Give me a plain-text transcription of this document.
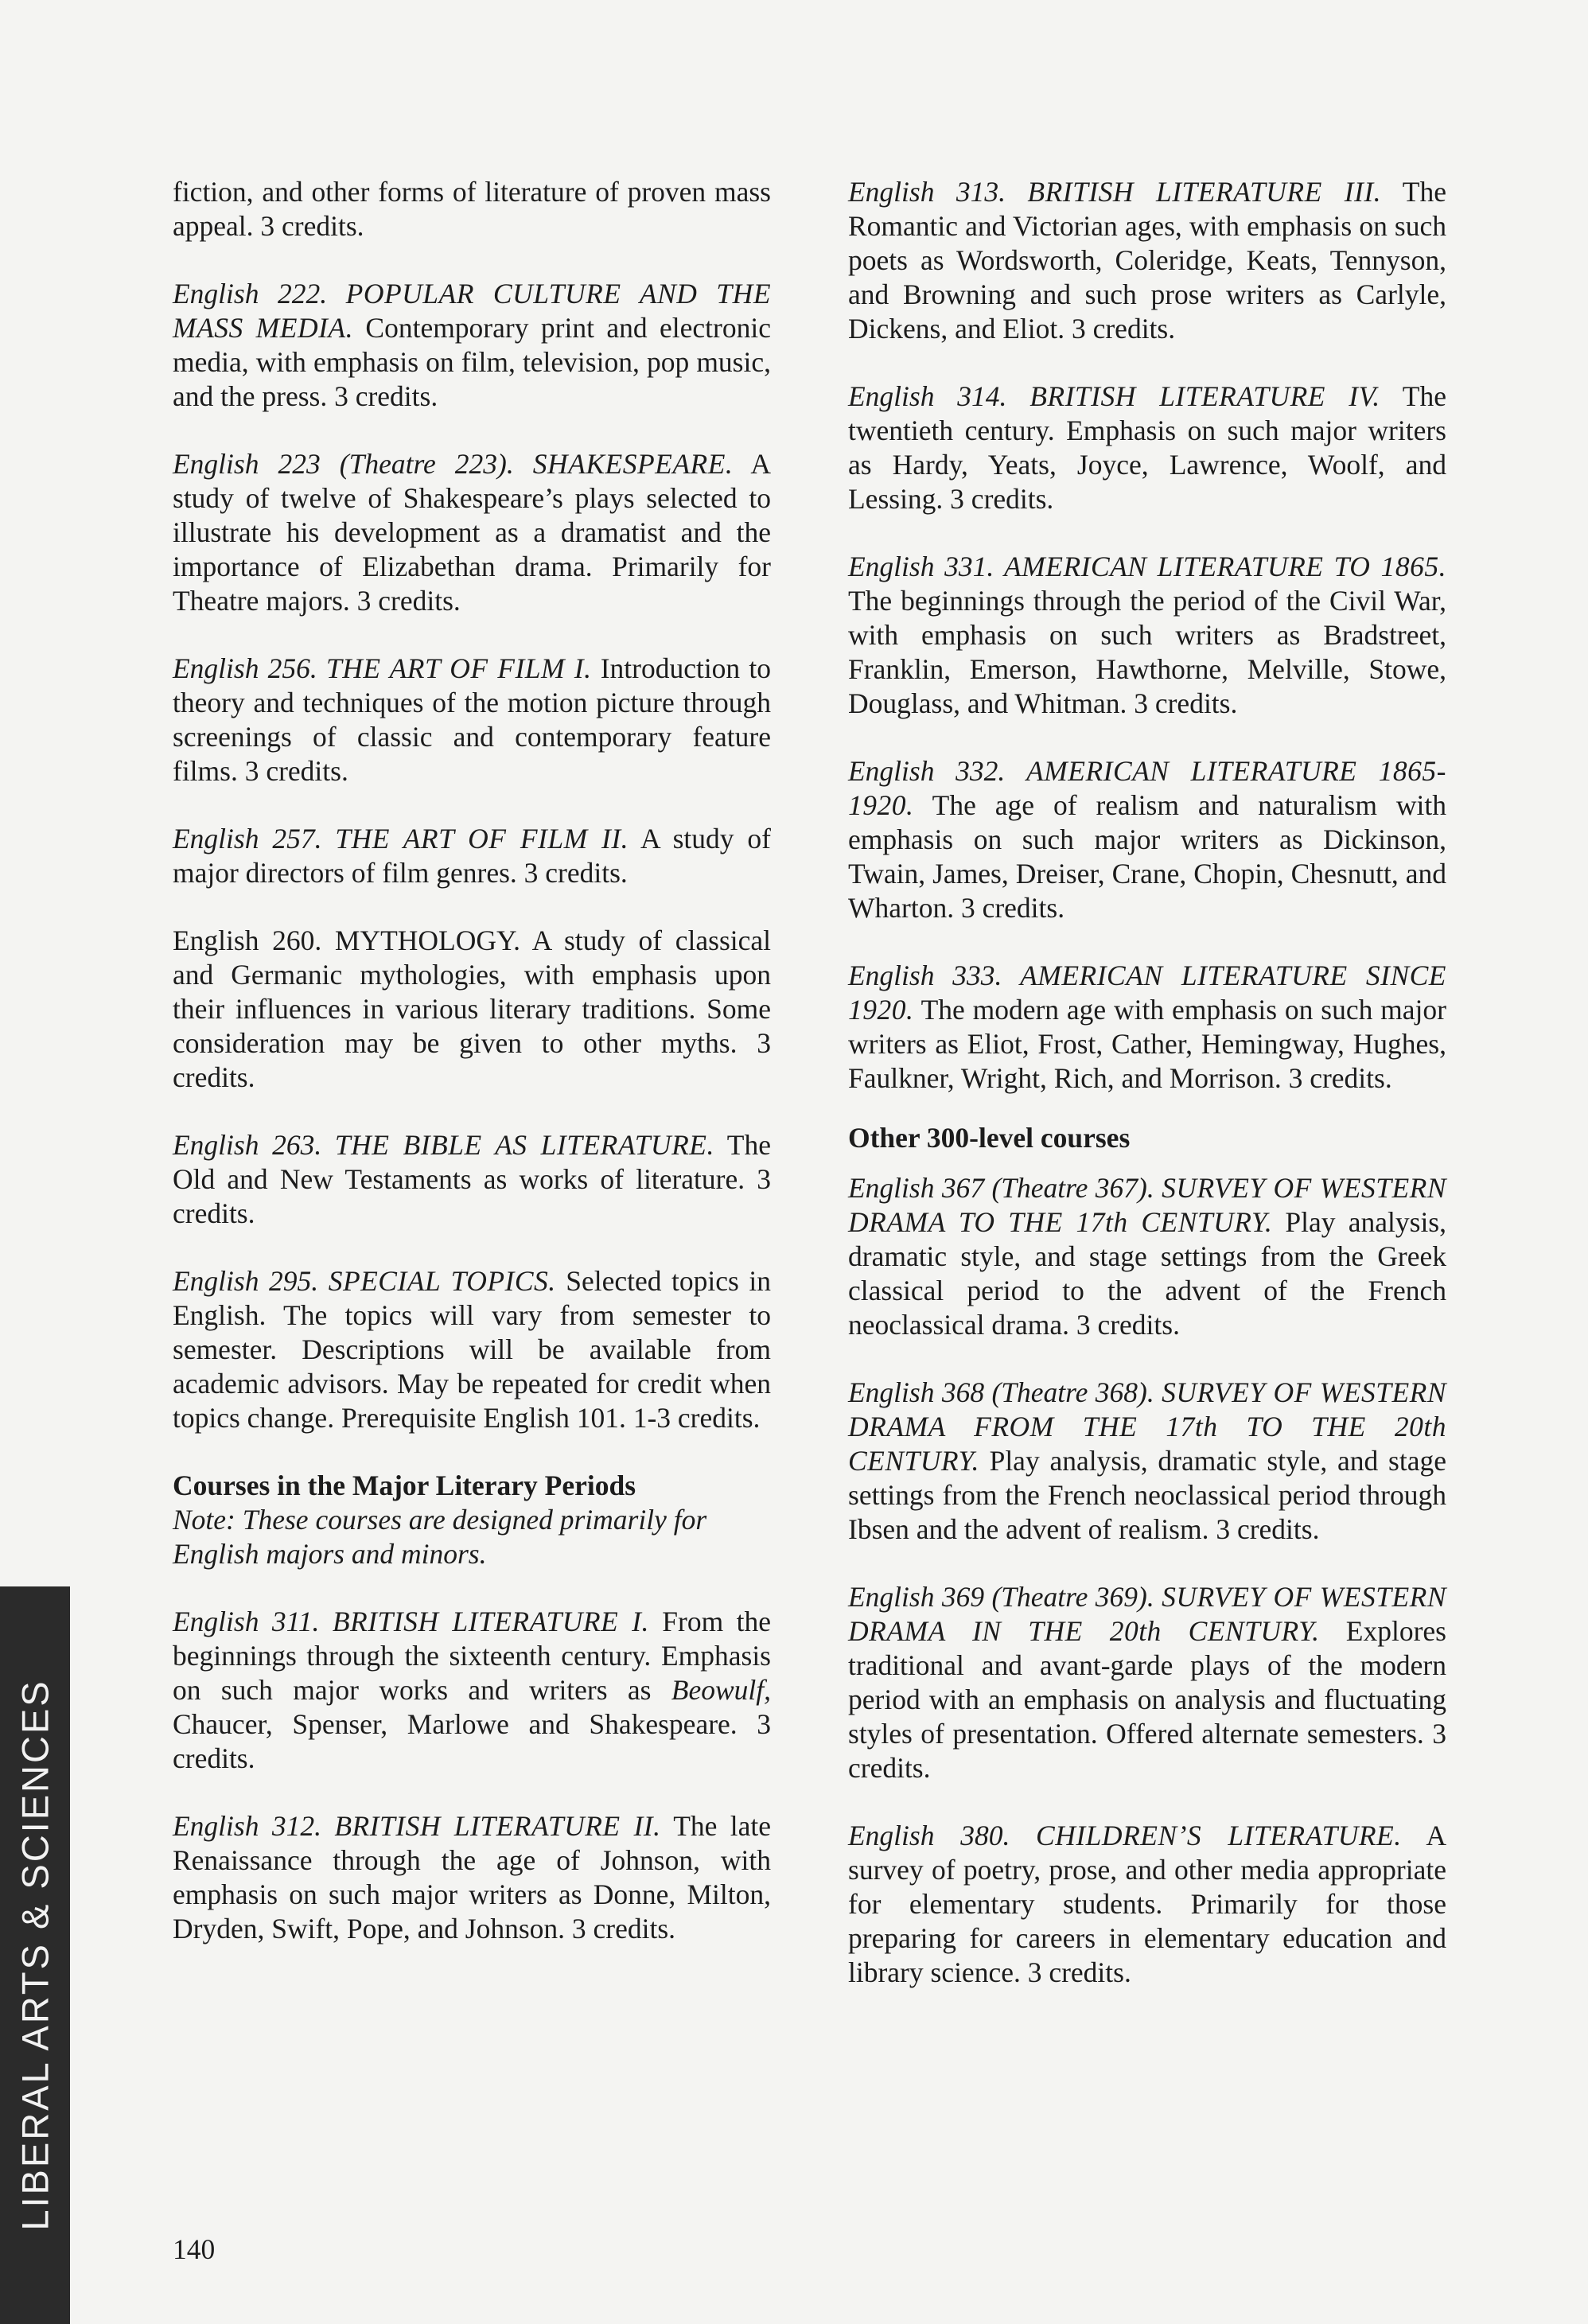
fiction, and other forms of literature of proven mass appeal. 3 credits.

English 222. POPULAR CULTURE AND THE MASS MEDIA. Contemporary print and electronic media, with emphasis on film, television, pop music, and the press. 3 credits.

English 223 (Theatre 223). SHAKESPEARE. A study of twelve of Shakespeare’s plays selected to illustrate his development as a dramatist and the importance of Elizabethan drama. Primarily for Theatre majors. 3 credits.

English 256. THE ART OF FILM I. Introduction to theory and techniques of the motion picture through screenings of classic and contemporary feature films. 3 credits.

English 257. THE ART OF FILM II. A study of major directors of film genres. 3 credits.

English 260. MYTHOLOGY. A study of classical and Germanic mythologies, with emphasis upon their influences in various literary traditions. Some consideration may be given to other myths. 3 credits.

English 263. THE BIBLE AS LITERATURE. The Old and New Testaments as works of literature. 3 credits.

English 295. SPECIAL TOPICS. Selected topics in English. The topics will vary from semester to semester. Descriptions will be available from academic advisors. May be repeated for credit when topics change. Prerequisite English 101. 1-3 credits.

Courses in the Major Literary Periods

Note: These courses are designed primarily for English majors and minors.

English 311. BRITISH LITERATURE I. From the beginnings through the sixteenth century. Emphasis on such major works and writers as Beowulf, Chaucer, Spenser, Marlowe and Shakespeare. 3 credits.

English 312. BRITISH LITERATURE II. The late Renaissance through the age of Johnson, with emphasis on such major writers as Donne, Milton, Dryden, Swift, Pope, and Johnson. 3 credits.

English 313. BRITISH LITERATURE III. The Romantic and Victorian ages, with emphasis on such poets as Wordsworth, Coleridge, Keats, Tennyson, and Browning and such prose writers as Carlyle, Dickens, and Eliot. 3 credits.

English 314. BRITISH LITERATURE IV. The twentieth century. Emphasis on such major writers as Hardy, Yeats, Joyce, Lawrence, Woolf, and Lessing. 3 credits.

English 331. AMERICAN LITERATURE TO 1865. The beginnings through the period of the Civil War, with emphasis on such writers as Bradstreet, Franklin, Emerson, Hawthorne, Melville, Stowe, Douglass, and Whitman. 3 credits.

English 332. AMERICAN LITERATURE 1865-1920. The age of realism and naturalism with emphasis on such major writers as Dickinson, Twain, James, Dreiser, Crane, Chopin, Chesnutt, and Wharton. 3 credits.

English 333. AMERICAN LITERATURE SINCE 1920. The modern age with emphasis on such major writers as Eliot, Frost, Cather, Hemingway, Hughes, Faulkner, Wright, Rich, and Morrison. 3 credits.

Other 300-level courses

English 367 (Theatre 367). SURVEY OF WESTERN DRAMA TO THE 17th CENTURY. Play analysis, dramatic style, and stage settings from the Greek classical period to the advent of the French neoclassical drama. 3 credits.

English 368 (Theatre 368). SURVEY OF WESTERN DRAMA FROM THE 17th TO THE 20th CENTURY. Play analysis, dramatic style, and stage settings from the French neoclassical period through Ibsen and the advent of realism. 3 credits.

English 369 (Theatre 369). SURVEY OF WESTERN DRAMA IN THE 20th CENTURY. Explores traditional and avant-garde plays of the modern period with an emphasis on analysis and fluctuating styles of presentation. Offered alternate semesters. 3 credits.

English 380. CHILDREN’S LITERATURE. A survey of poetry, prose, and other media appropriate for elementary students. Primarily for those preparing for careers in elementary education and library science. 3 credits.

LIBERAL ARTS & SCIENCES
140
